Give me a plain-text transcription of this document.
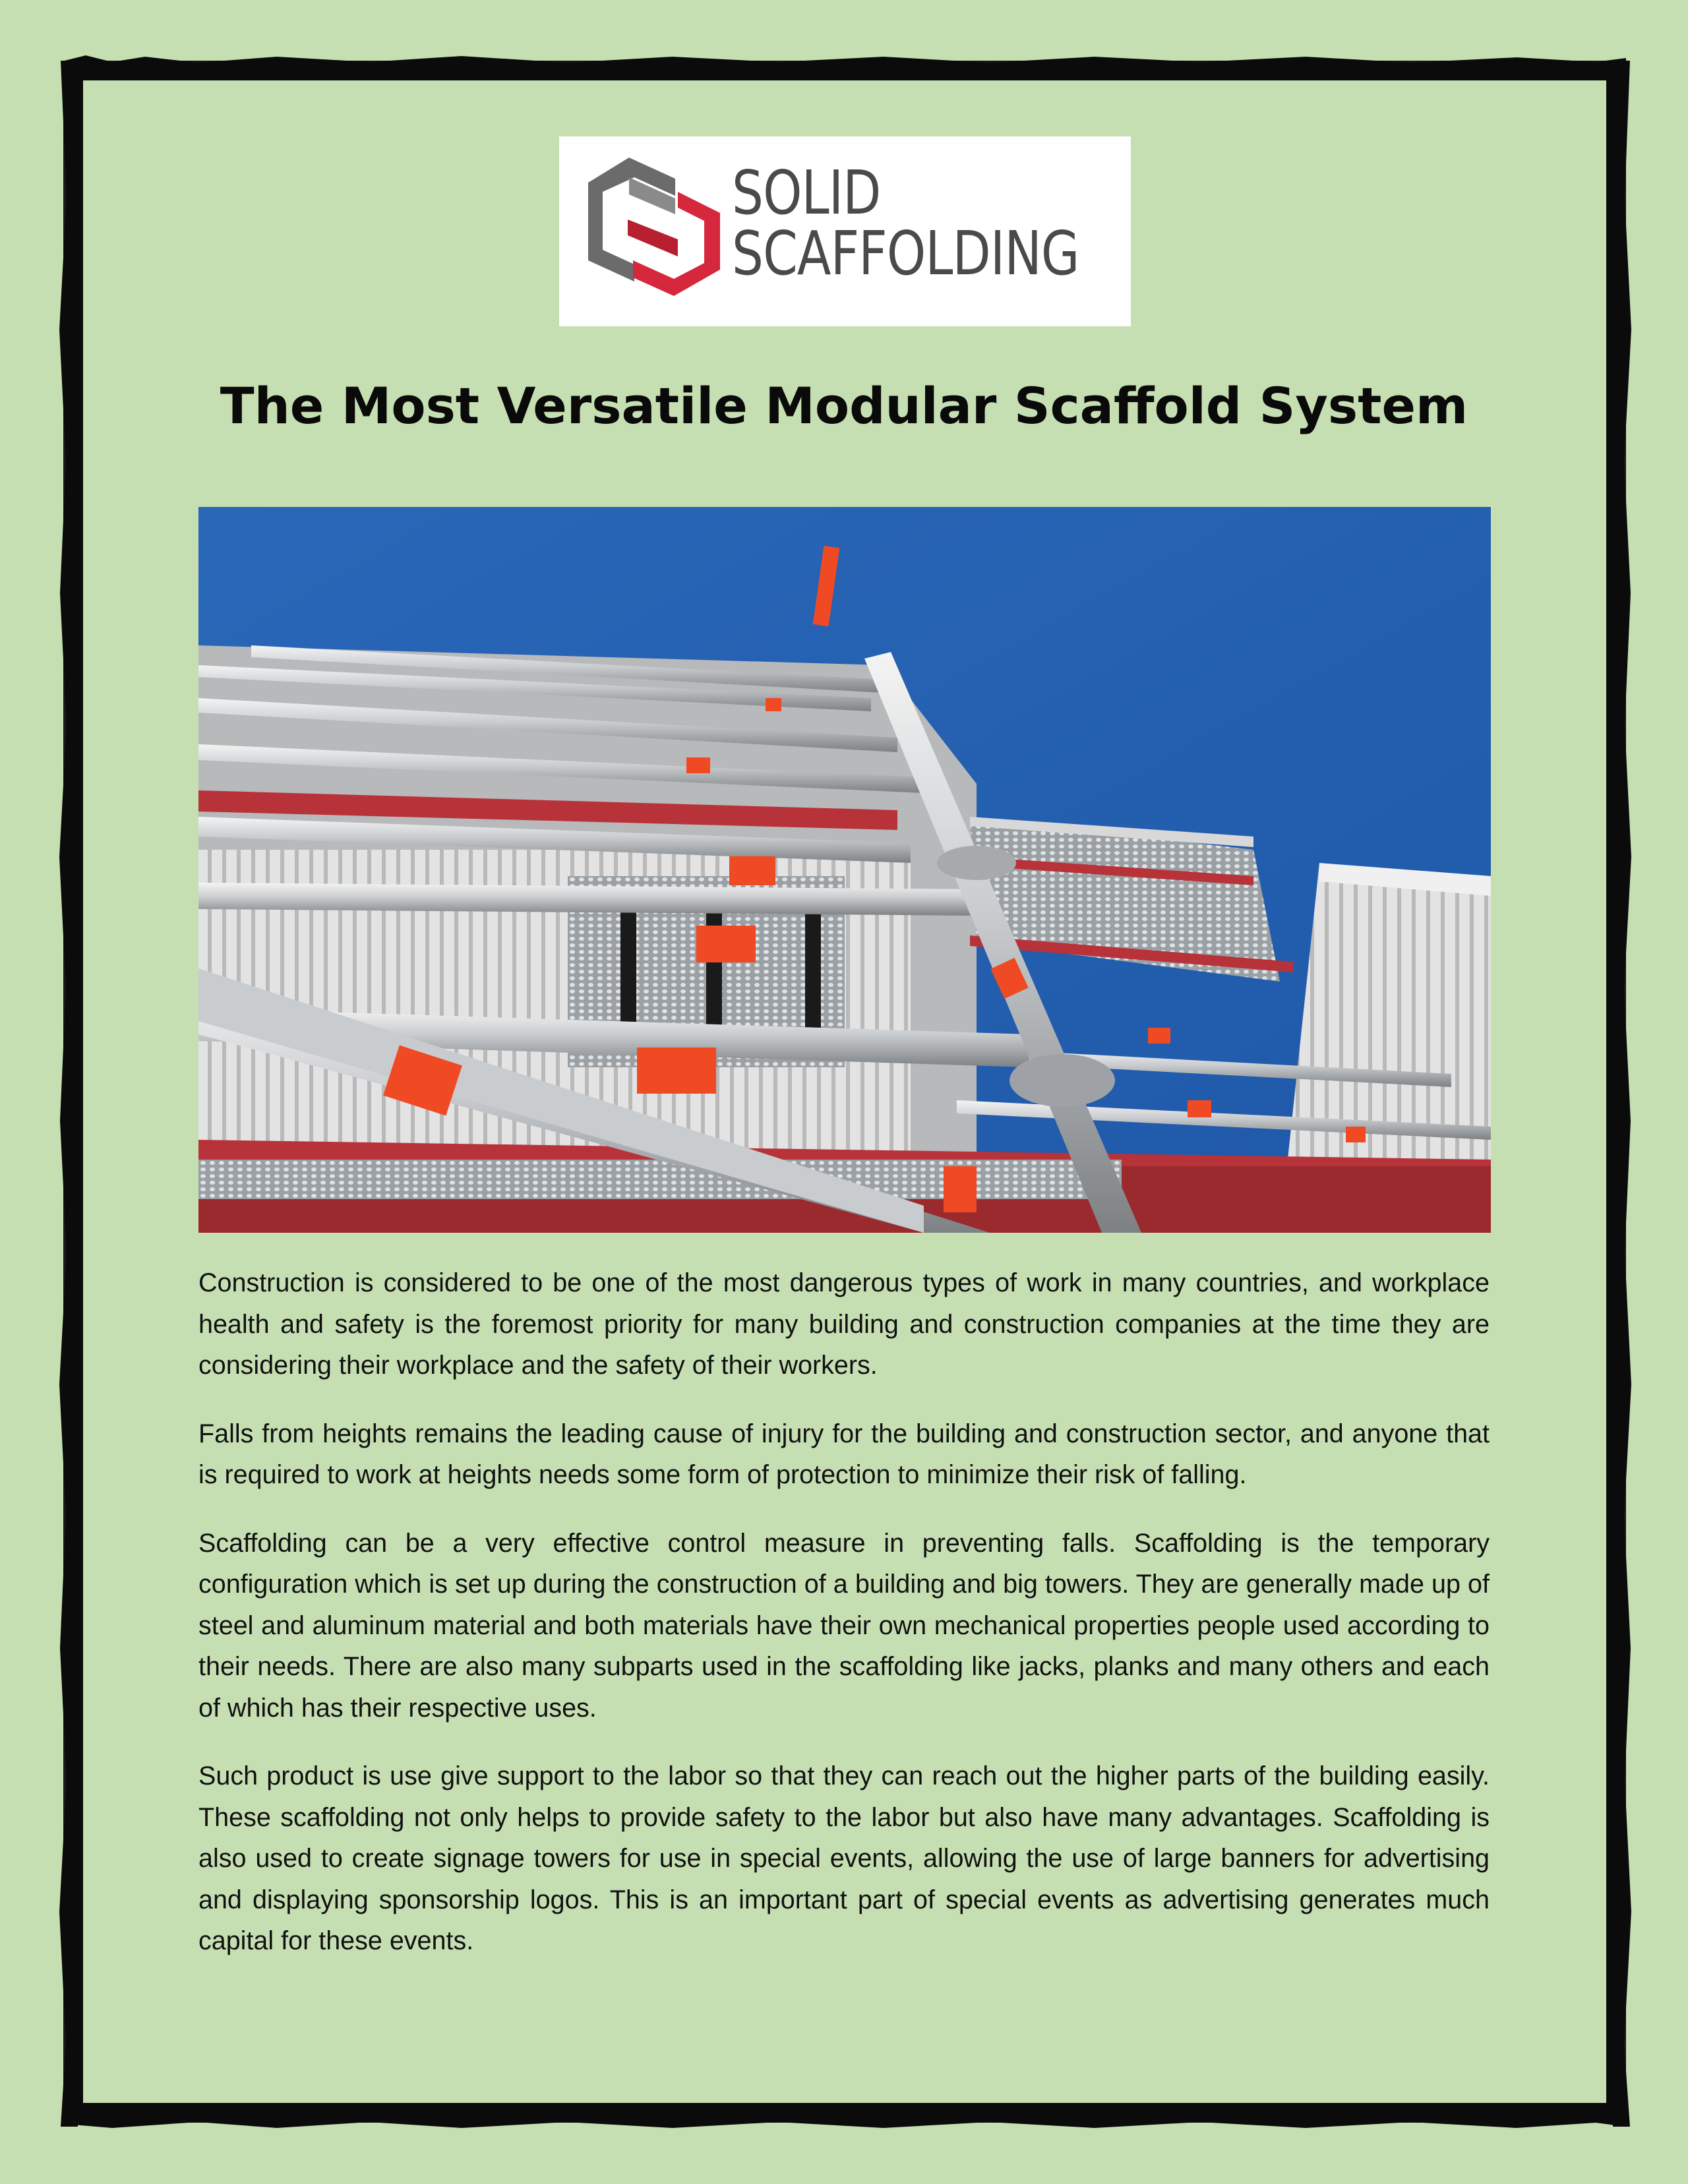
SOLID
SCAFFOLDING
The Most Versatile Modular Scaffold System

Construction is considered to be one of the most dangerous types of work in many countries, and workplace health and safety is the foremost priority for many building and construction companies at the time they are considering their workplace and the safety of their workers.

Falls from heights remains the leading cause of injury for the building and construction sector, and anyone that is required to work at heights needs some form of protection to minimize their risk of falling.

Scaffolding can be a very effective control measure in preventing falls. Scaffolding is the temporary configuration which is set up during the construction of a building and big towers. They are generally made up of steel and aluminum material and both materials have their own mechanical properties people used according to their needs. There are also many subparts used in the scaffolding like jacks, planks and many others and each of which has their respective uses.

Such product is use give support to the labor so that they can reach out the higher parts of the building easily. These scaffolding not only helps to provide safety to the labor but also have many advantages. Scaffolding is also used to create signage towers for use in special events, allowing the use of large banners for advertising and displaying sponsorship logos. This is an important part of special events as advertising generates much capital for these events.
